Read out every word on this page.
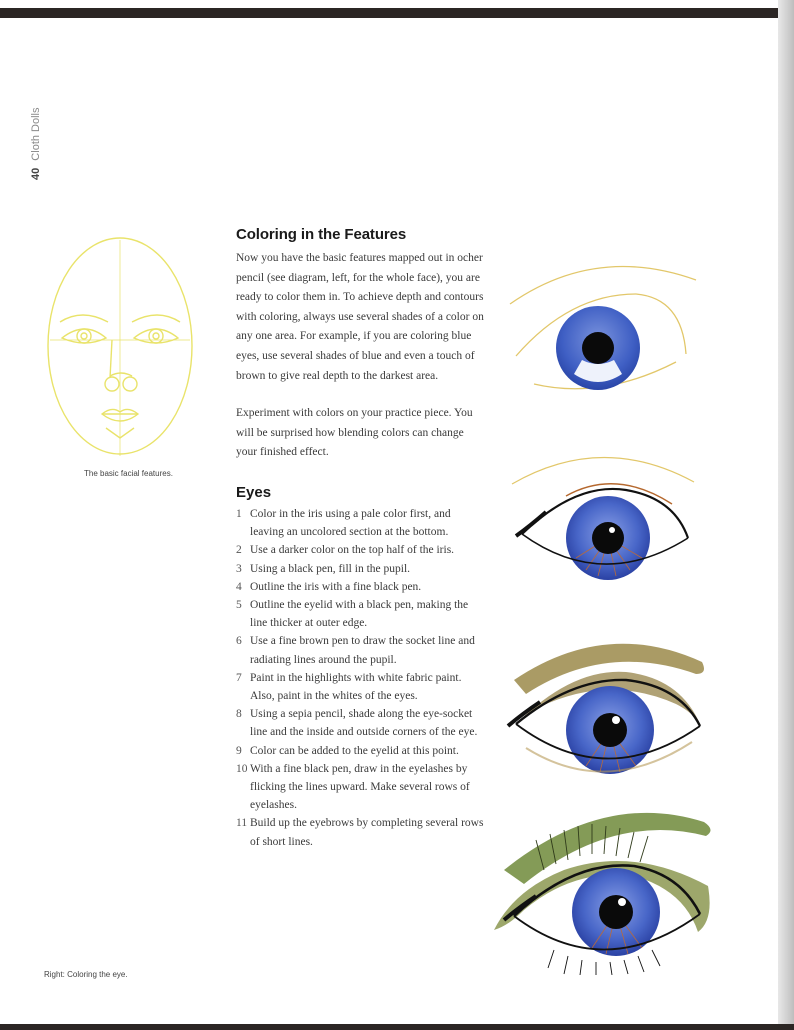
40 Cloth Dolls
The basic facial features.
Coloring in the Features

Now you have the basic features mapped out in ocher pencil (see diagram, left, for the whole face), you are ready to color them in. To achieve depth and contours with coloring, always use several shades of a color on any one area. For example, if you are coloring blue eyes, use several shades of blue and even a touch of brown to give real depth to the darkest area.

Experiment with colors on your practice piece. You will be surprised how blending colors can change your finished effect.

Eyes
1 Color in the iris using a pale color first, and leaving an uncolored section at the bottom.
2 Use a darker color on the top half of the iris.
3 Using a black pen, fill in the pupil.
4 Outline the iris with a fine black pen.
5 Outline the eyelid with a black pen, making the line thicker at outer edge.
6 Use a fine brown pen to draw the socket line and radiating lines around the pupil.
7 Paint in the highlights with white fabric paint. Also, paint in the whites of the eyes.
8 Using a sepia pencil, shade along the eye-socket line and the inside and outside corners of the eye.
9 Color can be added to the eyelid at this point.
10 With a fine black pen, draw in the eyelashes by flicking the lines upward. Make several rows of eyelashes.
11 Build up the eyebrows by completing several rows of short lines.
Right: Coloring the eye.
